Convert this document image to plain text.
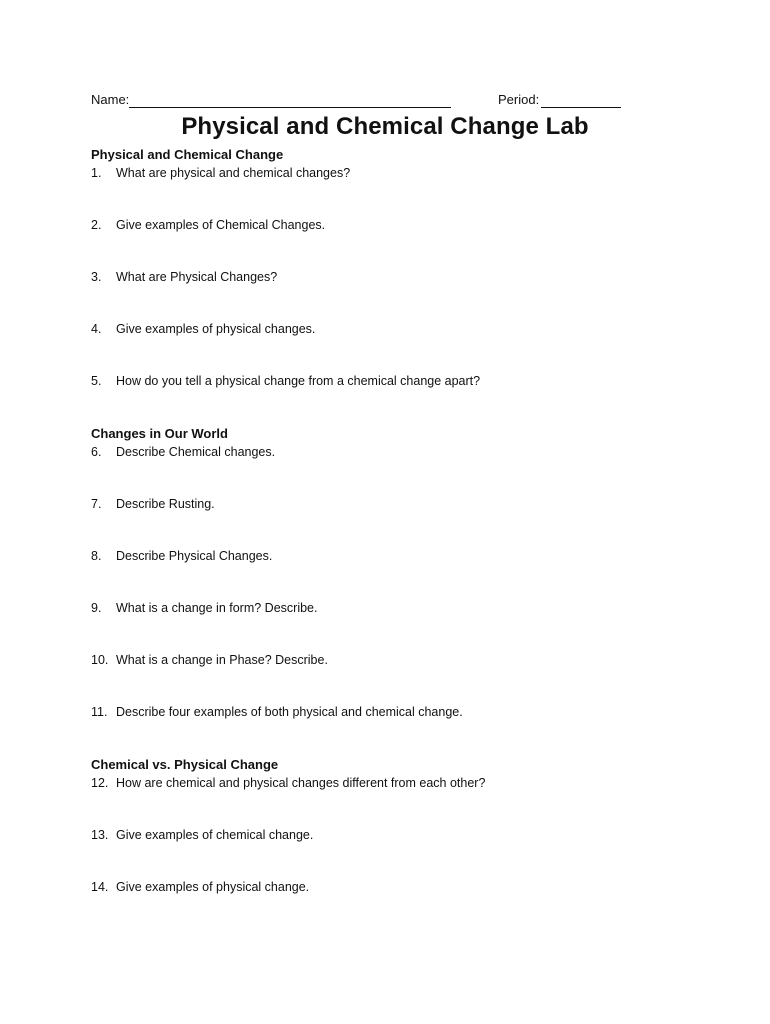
Name:	Period:
Physical and Chemical Change Lab
Physical and Chemical Change
1.	What are physical and chemical changes?
2.	Give examples of Chemical Changes.
3.	What are Physical Changes?
4.	Give examples of physical changes.
5.	How do you tell a physical change from a chemical change apart?
Changes in Our World
6.	Describe Chemical changes.
7.	Describe Rusting.
8.	Describe Physical Changes.
9.	What is a change in form? Describe.
10. What is a change in Phase? Describe.
11. Describe four examples of both physical and chemical change.
Chemical vs. Physical Change
12. How are chemical and physical changes different from each other?
13. Give examples of chemical change.
14. Give examples of physical change.
